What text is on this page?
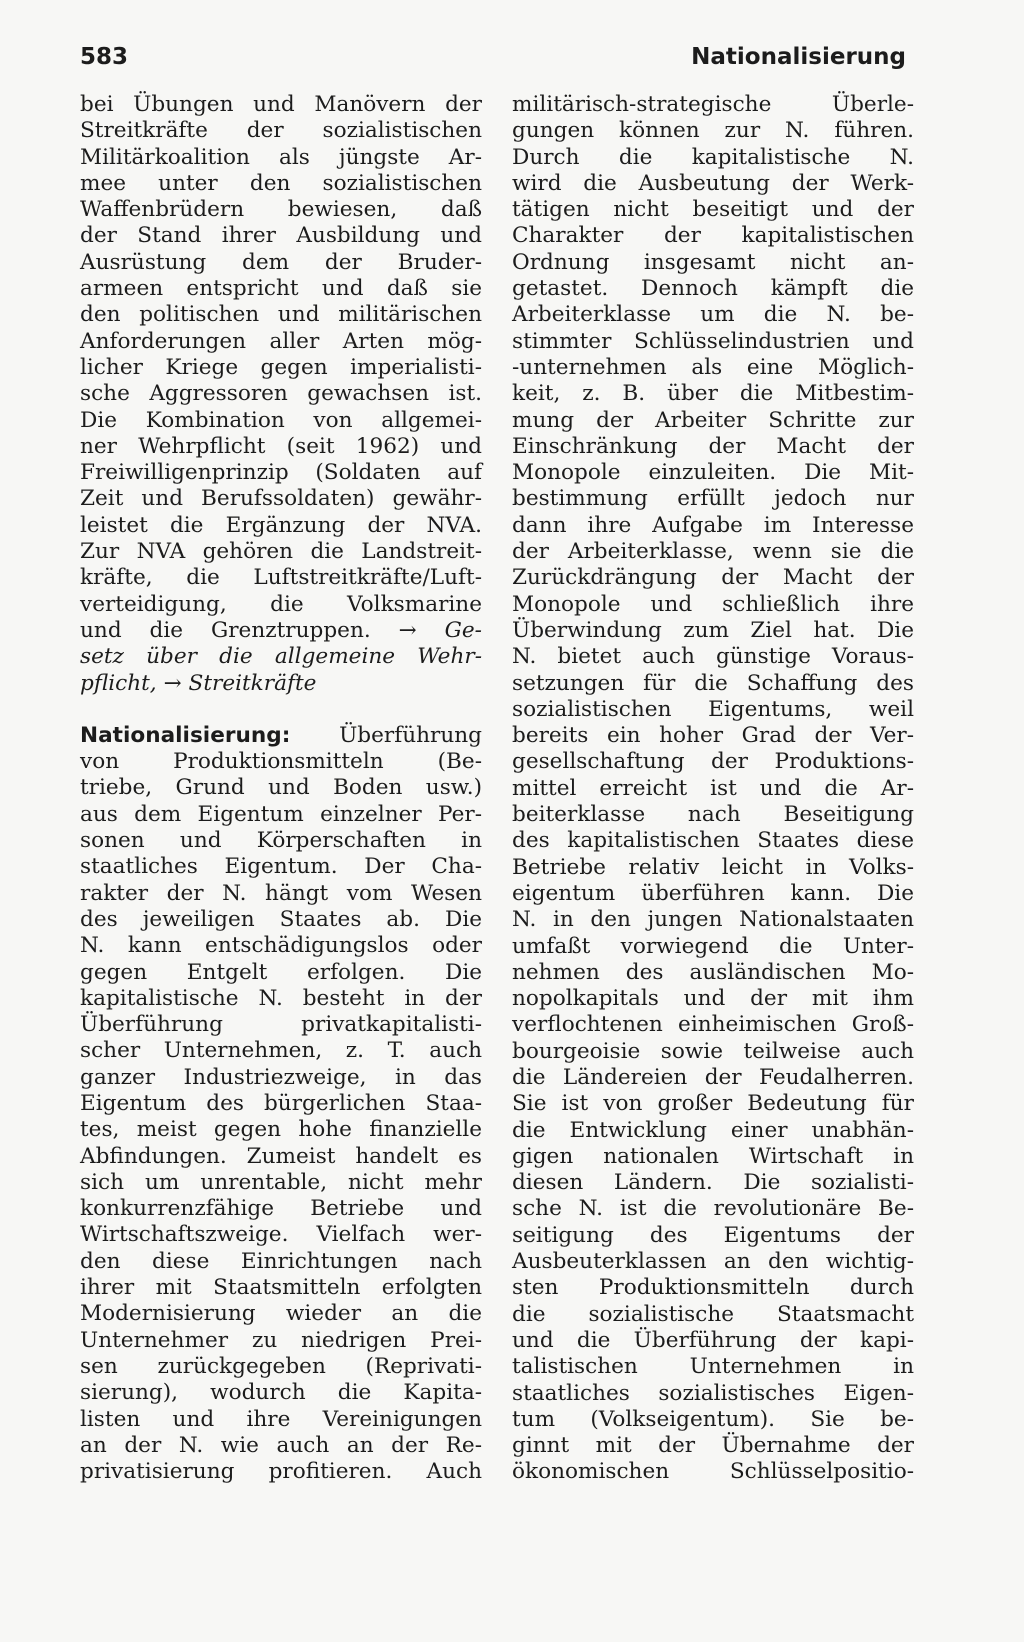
583	Nationalisierung
bei Übungen und Manövern der
Streitkräfte der sozialistischen
Militärkoalition als jüngste Ar-
mee unter den sozialistischen
Waffenbrüdern bewiesen, daß
der Stand ihrer Ausbildung und
Ausrüstung dem der Bruder-
armeen entspricht und daß sie
den politischen und militärischen
Anforderungen aller Arten mög-
licher Kriege gegen imperialisti-
sche Aggressoren gewachsen ist.
Die Kombination von allgemei-
ner Wehrpflicht (seit 1962) und
Freiwilligenprinzip (Soldaten auf
Zeit und Berufssoldaten) gewähr-
leistet die Ergänzung der NVA.
Zur NVA gehören die Landstreit-
kräfte, die Luftstreitkräfte/Luft-
verteidigung, die Volksmarine
und die Grenztruppen. → Ge-
setz über die allgemeine Wehr-
pflicht, → Streitkräfte
Nationalisierung: Überführung
von Produktionsmitteln (Be-
triebe, Grund und Boden usw.)
aus dem Eigentum einzelner Per-
sonen und Körperschaften in
staatliches Eigentum. Der Cha-
rakter der N. hängt vom Wesen
des jeweiligen Staates ab. Die
N. kann entschädigungslos oder
gegen Entgelt erfolgen. Die
kapitalistische N. besteht in der
Überführung privatkapitalisti-
scher Unternehmen, z. T. auch
ganzer Industriezweige, in das
Eigentum des bürgerlichen Staa-
tes, meist gegen hohe finanzielle
Abfindungen. Zumeist handelt es
sich um unrentable, nicht mehr
konkurrenzfähige Betriebe und
Wirtschaftszweige. Vielfach wer-
den diese Einrichtungen nach
ihrer mit Staatsmitteln erfolgten
Modernisierung wieder an die
Unternehmer zu niedrigen Prei-
sen zurückgegeben (Reprivati-
sierung), wodurch die Kapita-
listen und ihre Vereinigungen
an der N. wie auch an der Re-
privatisierung profitieren. Auch
militärisch-strategische Überle-
gungen können zur N. führen.
Durch die kapitalistische N.
wird die Ausbeutung der Werk-
tätigen nicht beseitigt und der
Charakter der kapitalistischen
Ordnung insgesamt nicht an-
getastet. Dennoch kämpft die
Arbeiterklasse um die N. be-
stimmter Schlüsselindustrien und
-unternehmen als eine Möglich-
keit, z. B. über die Mitbestim-
mung der Arbeiter Schritte zur
Einschränkung der Macht der
Monopole einzuleiten. Die Mit-
bestimmung erfüllt jedoch nur
dann ihre Aufgabe im Interesse
der Arbeiterklasse, wenn sie die
Zurückdrängung der Macht der
Monopole und schließlich ihre
Überwindung zum Ziel hat. Die
N. bietet auch günstige Voraus-
setzungen für die Schaffung des
sozialistischen Eigentums, weil
bereits ein hoher Grad der Ver-
gesellschaftung der Produktions-
mittel erreicht ist und die Ar-
beiterklasse nach Beseitigung
des kapitalistischen Staates diese
Betriebe relativ leicht in Volks-
eigentum überführen kann. Die
N. in den jungen Nationalstaaten
umfaßt vorwiegend die Unter-
nehmen des ausländischen Mo-
nopolkapitals und der mit ihm
verflochtenen einheimischen Groß-
bourgeoisie sowie teilweise auch
die Ländereien der Feudalherren.
Sie ist von großer Bedeutung für
die Entwicklung einer unabhän-
gigen nationalen Wirtschaft in
diesen Ländern. Die sozialisti-
sche N. ist die revolutionäre Be-
seitigung des Eigentums der
Ausbeuterklassen an den wichtig-
sten Produktionsmitteln durch
die sozialistische Staatsmacht
und die Überführung der kapi-
talistischen Unternehmen in
staatliches sozialistisches Eigen-
tum (Volkseigentum). Sie be-
ginnt mit der Übernahme der
ökonomischen Schlüsselpositio-
